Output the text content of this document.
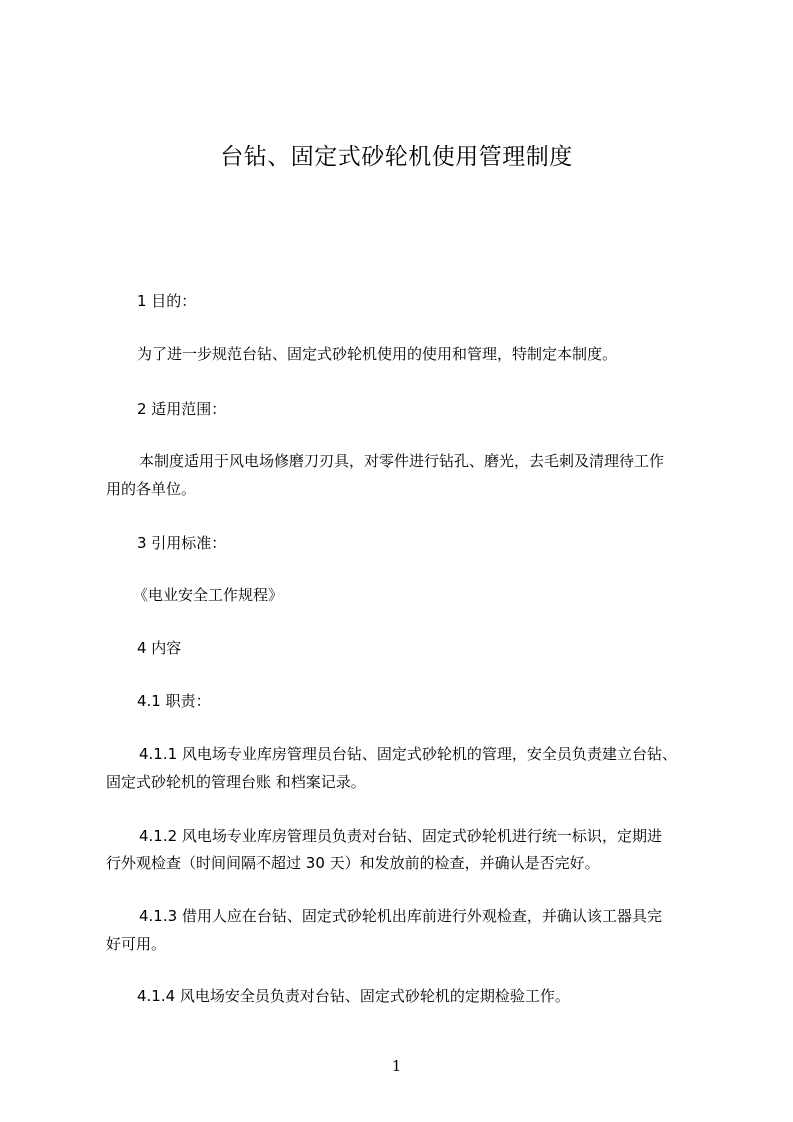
台钻、固定式砂轮机使用管理制度

1 目的：

为了进一步规范台钻、固定式砂轮机使用的使用和管理，特制定本制度。

2 适用范围：

本制度适用于风电场修磨刀刃具，对零件进行钻孔、磨光，去毛刺及清理待工作

用的各单位。

3 引用标准：

《电业安全工作规程》

4 内容

4.1 职责：

4.1.1 风电场专业库房管理员台钻、固定式砂轮机的管理，安全员负责建立台钻、

固定式砂轮机的管理台账 和档案记录。

4.1.2 风电场专业库房管理员负责对台钻、固定式砂轮机进行统一标识，定期进

行外观检查（时间间隔不超过 30 天）和发放前的检查，并确认是否完好。

4.1.3 借用人应在台钻、固定式砂轮机出库前进行外观检查，并确认该工器具完

好可用。

4.1.4 风电场安全员负责对台钻、固定式砂轮机的定期检验工作。

1
